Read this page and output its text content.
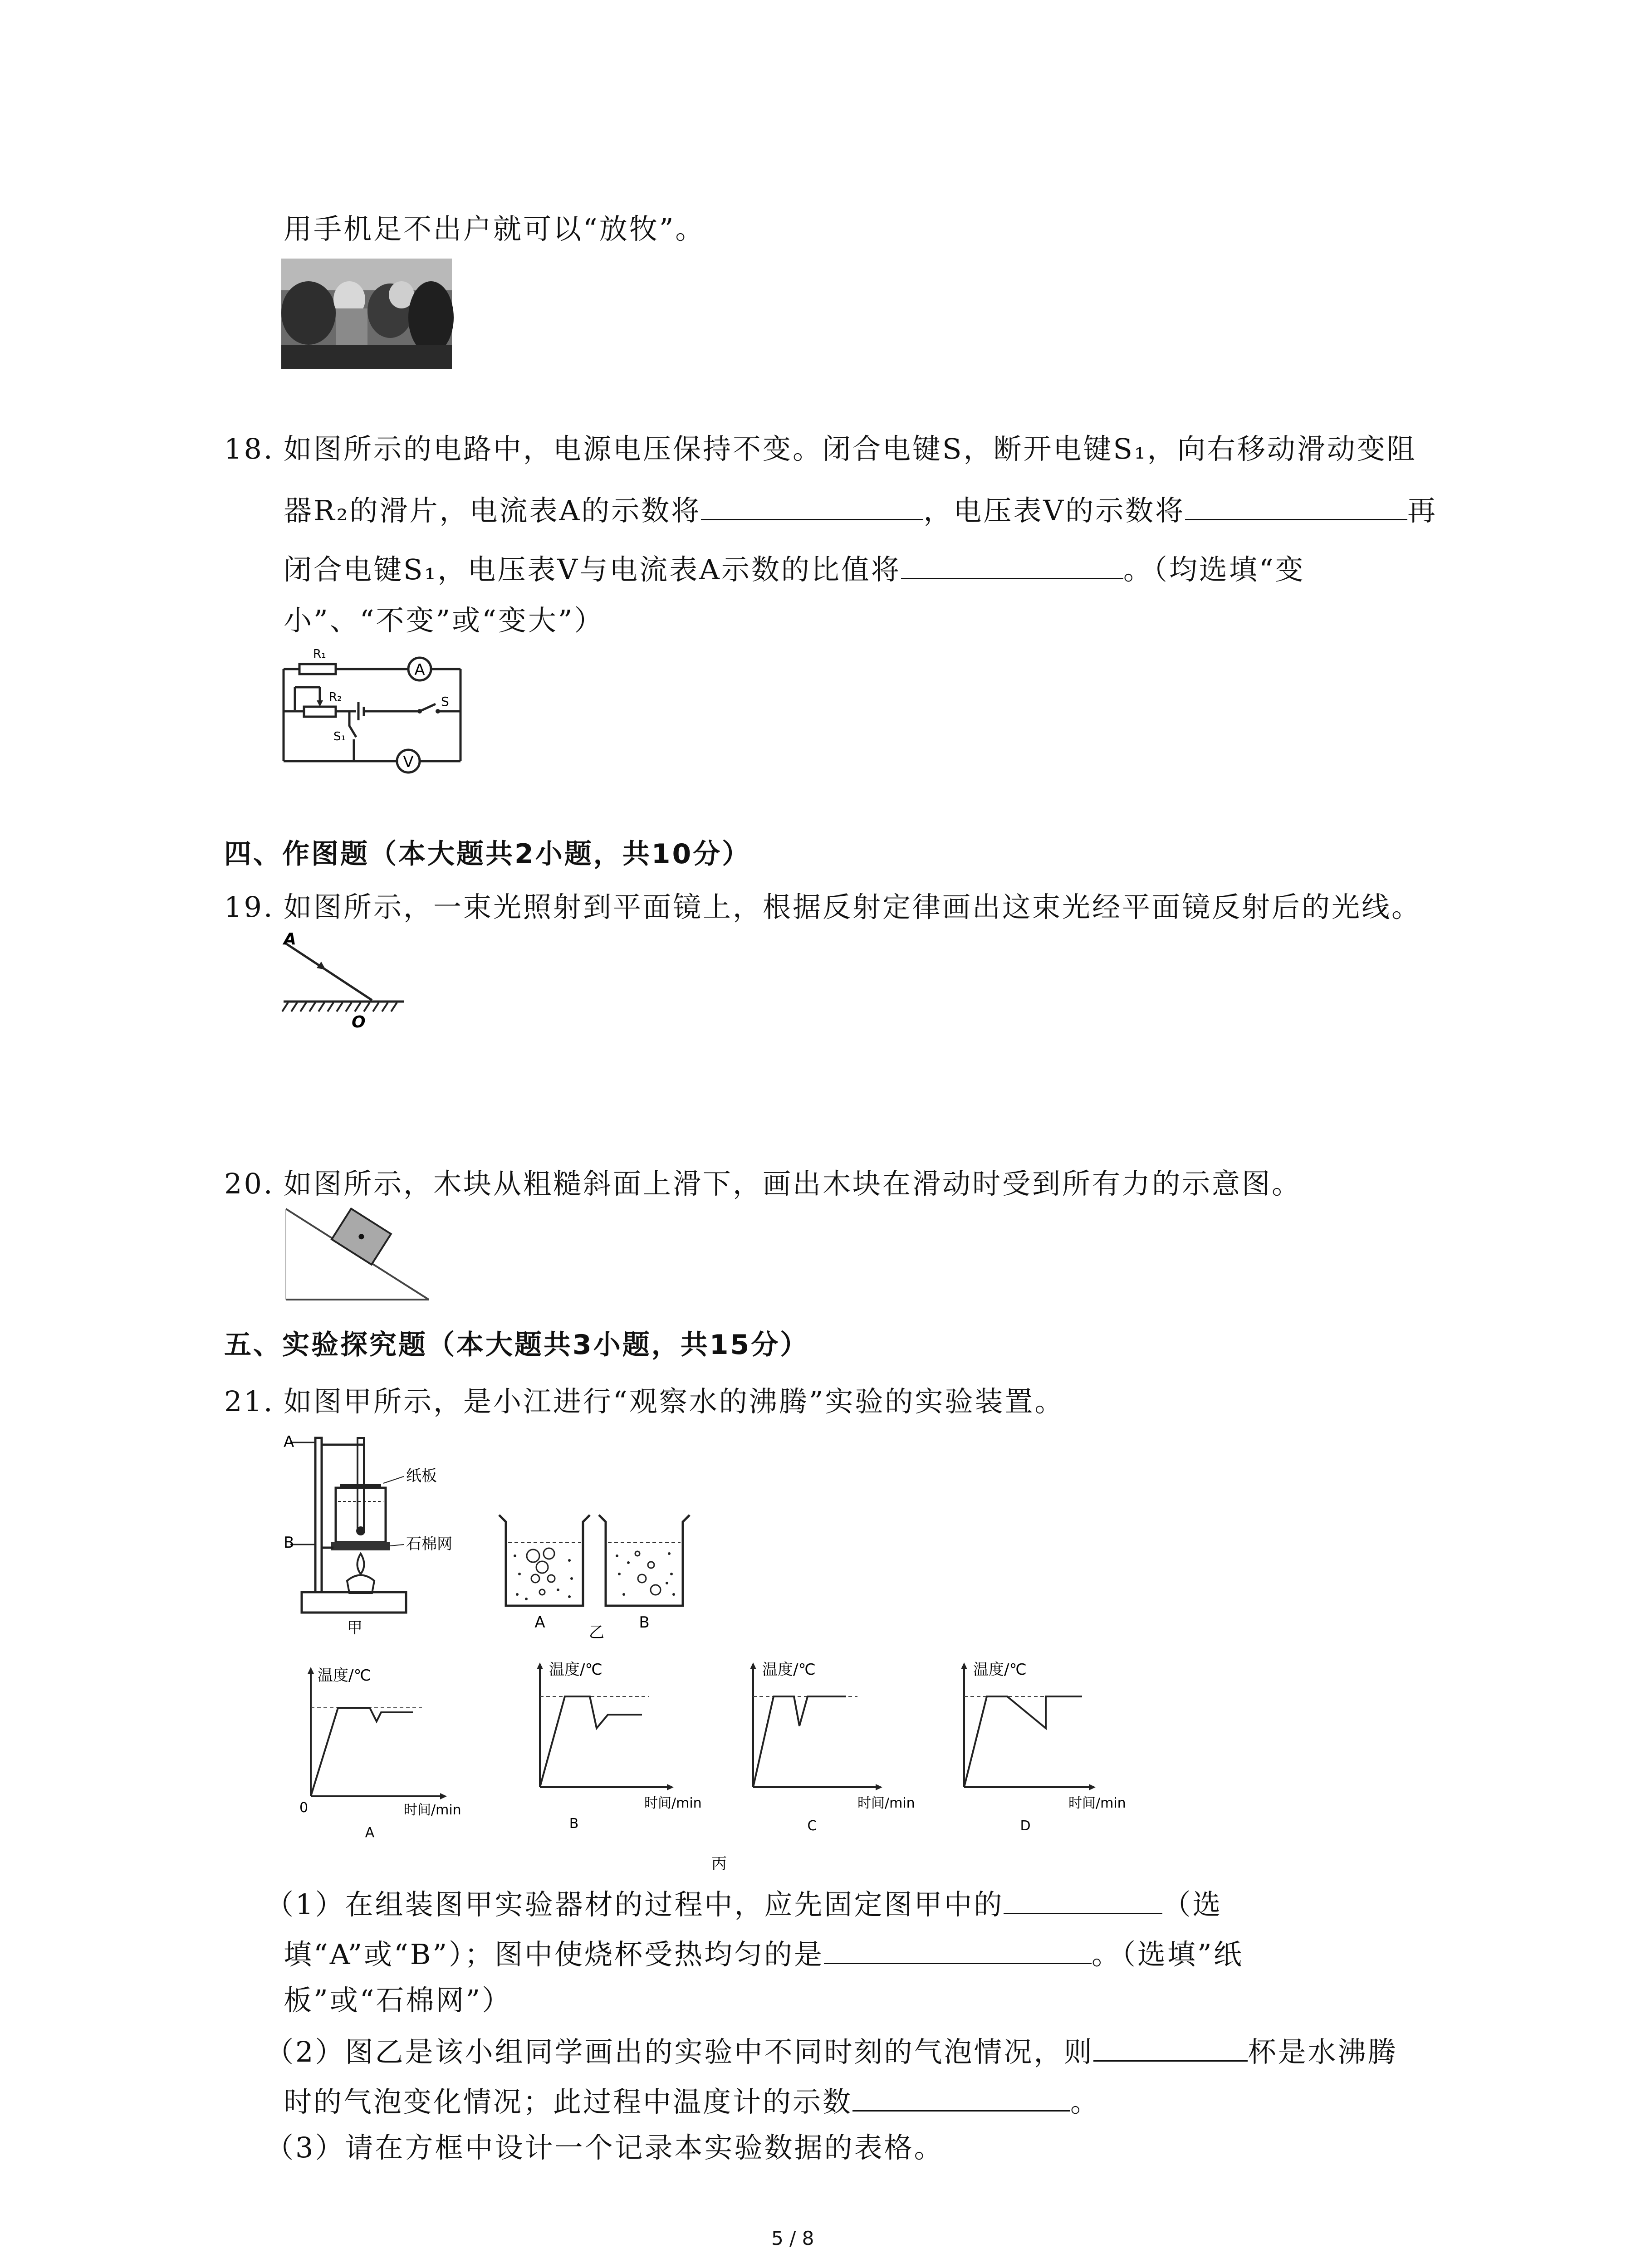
用手机足不出户就可以“放牧”。
18. 如图所示的电路中，电源电压保持不变。闭合电键S，断开电键S₁，向右移动滑动变阻
器R₂的滑片，电流表A的示数将	，电压表V的示数将	再
闭合电键S₁，电压表V与电流表A示数的比值将	。（均选填“变
小”、“不变”或“变大”）
A
V
R₁
R₂	S
S₁
四、作图题（本大题共2小题，共10分）
19. 如图所示，一束光照射到平面镜上，根据反射定律画出这束光经平面镜反射后的光线。
A
O
20. 如图所示，木块从粗糙斜面上滑下，画出木块在滑动时受到所有力的示意图。
五、实验探究题（本大题共3小题，共15分）
21. 如图甲所示，是小江进行“观察水的沸腾”实验的实验装置。
A
B
纸板
石棉网
甲	A
乙
B
温度/℃
0	时间/min
A
温度/℃
时间/min
B
温度/℃
时间/min
C
温度/℃
时间/min
D
丙
（1）在组装图甲实验器材的过程中，应先固定图甲中的	（选
填“A”或“B”）；图中使烧杯受热均匀的是	。（选填”纸
板”或“石棉网”）
（2）图乙是该小组同学画出的实验中不同时刻的气泡情况，则	杯是水沸腾
时的气泡变化情况；此过程中温度计的示数	。
（3）请在方框中设计一个记录本实验数据的表格。
5 / 8
